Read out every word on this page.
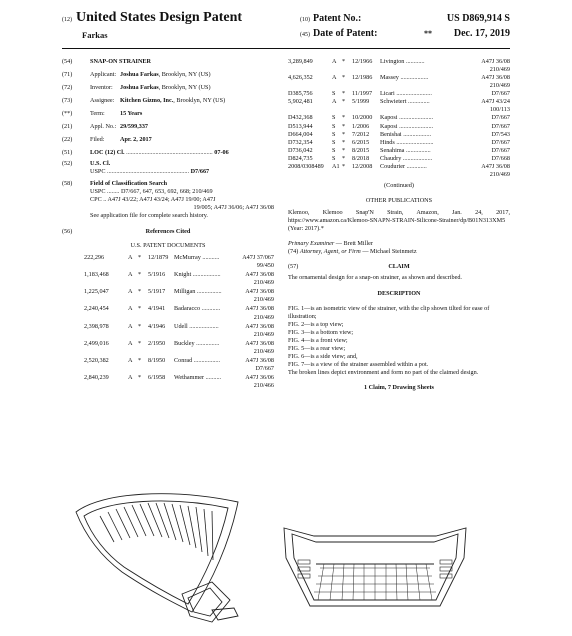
(12) United States Design Patent
Farkas
(10) Patent No.:	US D869,914 S
(45) Date of Patent:	** Dec. 17, 2019
(54)	SNAP-ON STRAINER
(71)	Applicant: Joshua Farkas, Brooklyn, NY (US)
(72)	Inventor: Joshua Farkas, Brooklyn, NY (US)
(73)	Assignee: Kitchen Gizmo, Inc., Brooklyn, NY (US)
(**)	Term: 15 Years
(21)	Appl. No.: 29/599,337
(22)	Filed:	Apr. 2, 2017
(51)	LOC (12) Cl. ........................................................ 07-06
(52)	U.S. Cl.
USPC ..................................................... D7/667
(58)	Field of Classification Search
USPC ........ D7/667, 647, 653, 692, 668; 210/469
CPC .. A47J 43/22; A47J 43/24; A47J 19/00; A47J
19/005; A47J 36/06; A47J 36/08
See application file for complete search history.
(56)	References Cited
U.S. PATENT DOCUMENTS
222,296	A *	12/1879 McMurray ...........	A47J 37/067
99/450
1,183,468	A *	5/1916	Knight ..................	A47J 36/08
210/469
1,225,047	A *	5/1917	Milligan ................	A47J 36/08
210/469
2,240,454	A *	4/1941	Badaracco ............	A47J 36/08
210/469
2,398,978	A *	4/1946	Udell ...................	A47J 36/08
210/469
2,499,016	A *	2/1950	Buckley ...............	A47J 36/08
210/469
2,520,382	A *	8/1950	Conrad .................	A47J 36/08
D7/667
2,840,239	A *	6/1958	Wethammer ..........	A47J 36/06
210/466
3,289,849	A *	12/1966	Livington ............	A47J 36/08
210/469
4,626,352	A *	12/1986	Massey ..................	A47J 36/08
210/469
D385,756	S	*	11/1997	Licari .......................	D7/667
5,902,481	A *	5/1999	Schwietert ..............	A47J 43/24
100/113
D432,368	S	*	10/2000	Kaposi ......................	D7/667
D513,944	S	*	1/2006	Kaposi ......................	D7/667
D664,004	S	*	7/2012	Benishai ..................	D7/543
D732,354	S	*	6/2015	Hinds ........................	D7/667
D736,042	S	*	8/2015	Senahima ................	D7/667
D824,735	S	*	8/2018	Chaudry ...................	D7/668
2008/0308489	A1 *	12/2008	Coudurier .............	A47J 36/08
210/469
(Continued)
OTHER PUBLICATIONS
Klemoo, Klemoo Snap'N Strain, Amazon, Jan. 24, 2017, https://www.amazon.ca/Klemoo-SNAPN-STRAIN-Silicone-Strainer/dp/B01N313XM5 (Year: 2017).*
Primary Examiner — Brett Miller
(74) Attorney, Agent, or Firm — Michael Steinmetz
(57)	CLAIM
The ornamental design for a snap-on strainer, as shown and described.
DESCRIPTION
FIG. 1—is an isometric view of the strainer, with the clip shown tilted for ease of illustration;
FIG. 2—is a top view;
FIG. 3—is a bottom view;
FIG. 4—is a front view;
FIG. 5—is a rear view;
FIG. 6—is a side view; and,
FIG. 7—is a view of the strainer assembled within a pot.
The broken lines depict environment and form no part of the claimed design.
1 Claim, 7 Drawing Sheets
